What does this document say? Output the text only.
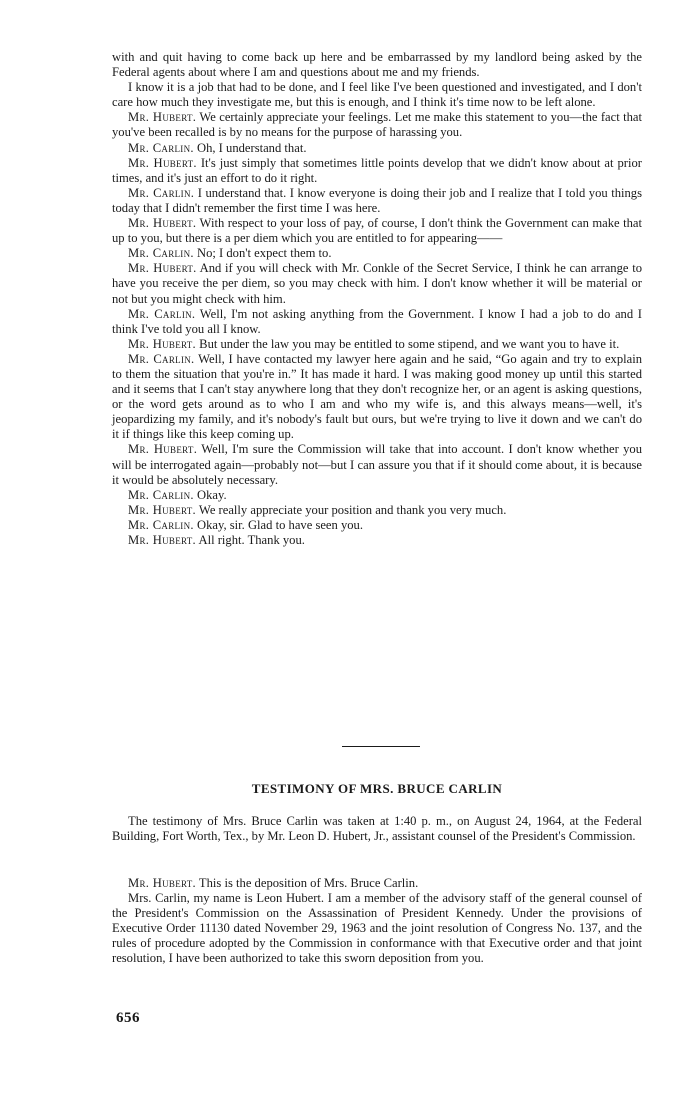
with and quit having to come back up here and be embarrassed by my landlord being asked by the Federal agents about where I am and questions about me and my friends.

I know it is a job that had to be done, and I feel like I've been questioned and investigated, and I don't care how much they investigate me, but this is enough, and I think it's time now to be left alone.

Mr. Hubert. We certainly appreciate your feelings. Let me make this statement to you—the fact that you've been recalled is by no means for the purpose of harassing you.

Mr. Carlin. Oh, I understand that.

Mr. Hubert. It's just simply that sometimes little points develop that we didn't know about at prior times, and it's just an effort to do it right.

Mr. Carlin. I understand that. I know everyone is doing their job and I realize that I told you things today that I didn't remember the first time I was here.

Mr. Hubert. With respect to your loss of pay, of course, I don't think the Government can make that up to you, but there is a per diem which you are entitled to for appearing——

Mr. Carlin. No; I don't expect them to.

Mr. Hubert. And if you will check with Mr. Conkle of the Secret Service, I think he can arrange to have you receive the per diem, so you may check with him. I don't know whether it will be material or not but you might check with him.

Mr. Carlin. Well, I'm not asking anything from the Government. I know I had a job to do and I think I've told you all I know.

Mr. Hubert. But under the law you may be entitled to some stipend, and we want you to have it.

Mr. Carlin. Well, I have contacted my lawyer here again and he said, “Go again and try to explain to them the situation that you're in.” It has made it hard. I was making good money up until this started and it seems that I can't stay anywhere long that they don't recognize her, or an agent is asking questions, or the word gets around as to who I am and who my wife is, and this always means—well, it's jeopardizing my family, and it's nobody's fault but ours, but we're trying to live it down and we can't do it if things like this keep coming up.

Mr. Hubert. Well, I'm sure the Commission will take that into account. I don't know whether you will be interrogated again—probably not—but I can assure you that if it should come about, it is because it would be absolutely necessary.

Mr. Carlin. Okay.

Mr. Hubert. We really appreciate your position and thank you very much.

Mr. Carlin. Okay, sir. Glad to have seen you.

Mr. Hubert. All right. Thank you.

TESTIMONY OF MRS. BRUCE CARLIN

The testimony of Mrs. Bruce Carlin was taken at 1:40 p. m., on August 24, 1964, at the Federal Building, Fort Worth, Tex., by Mr. Leon D. Hubert, Jr., assistant counsel of the President's Commission.

Mr. Hubert. This is the deposition of Mrs. Bruce Carlin.

Mrs. Carlin, my name is Leon Hubert. I am a member of the advisory staff of the general counsel of the President's Commission on the Assassination of President Kennedy. Under the provisions of Executive Order 11130 dated November 29, 1963 and the joint resolution of Congress No. 137, and the rules of procedure adopted by the Commission in conformance with that Executive order and that joint resolution, I have been authorized to take this sworn deposition from you.

656
